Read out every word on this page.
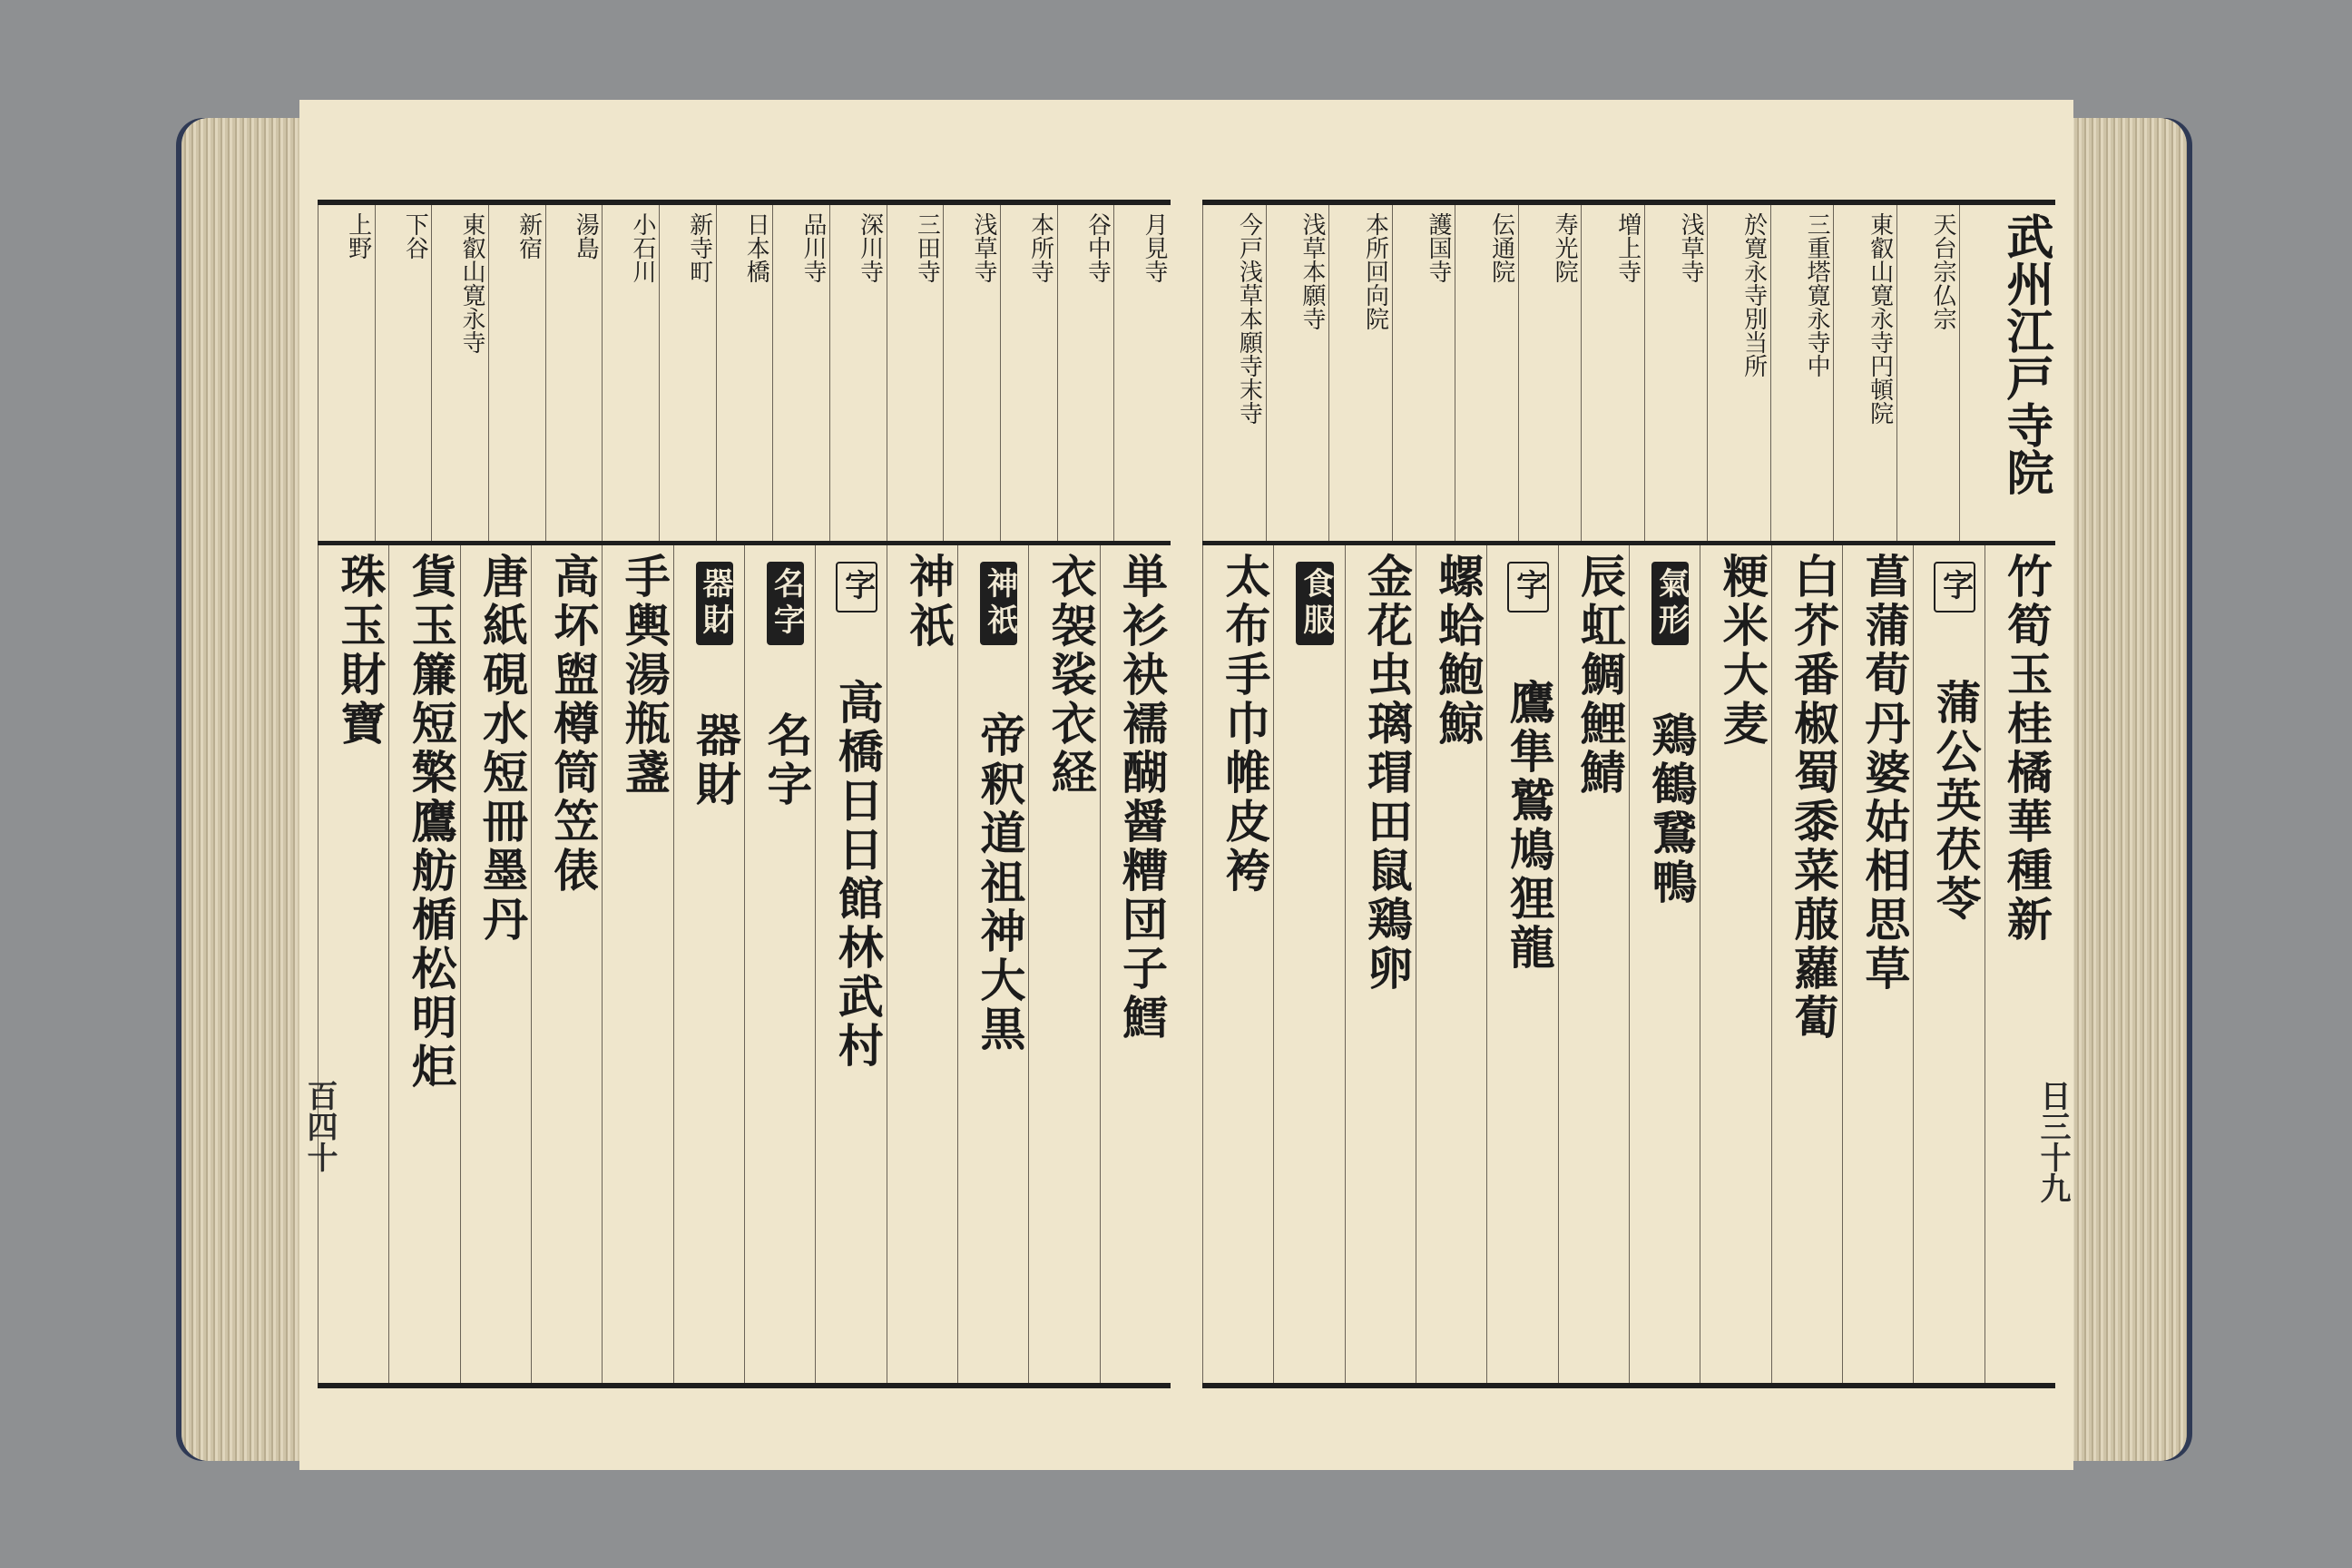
月見寺
谷中寺
本所寺
浅草寺
三田寺
深川寺
品川寺
日本橋
新寺町
小石川
湯島
新宿
東叡山寛永寺
下谷
上野
単衫袂襦醐醤糟団子鱈
衣袈裟衣経
神祇 帝釈道祖神大黒
神祇
字 高橋日日館林武村
名字 名字
器財 器財
手輿湯瓶盞
高坏盥樽筒笠俵
唐紙硯水短冊墨丹
貨玉簾短檠鷹舫楯松明炬
珠玉財寶
百四十
武州江戸寺院
天台宗仏宗
東叡山寛永寺円頓院
三重塔寛永寺中
於寛永寺別当所
浅草寺
増上寺
寿光院
伝通院
護国寺
本所回向院
浅草本願寺
今戸浅草本願寺末寺
竹筍玉桂橘華種新
字 蒲公英茯苓
菖蒲荀丹婆姑相思草
白芥番椒蜀黍菜菔蘿蔔
粳米大麦
氣形 鶏鶴鵞鴨
辰虹鯛鯉鯖
字 鷹隼鷲鳩狸龍
螺蛤鮑鯨
金花虫璃瑁田鼠鶏卵
食服
太布手巾帷皮袴
日三十九
